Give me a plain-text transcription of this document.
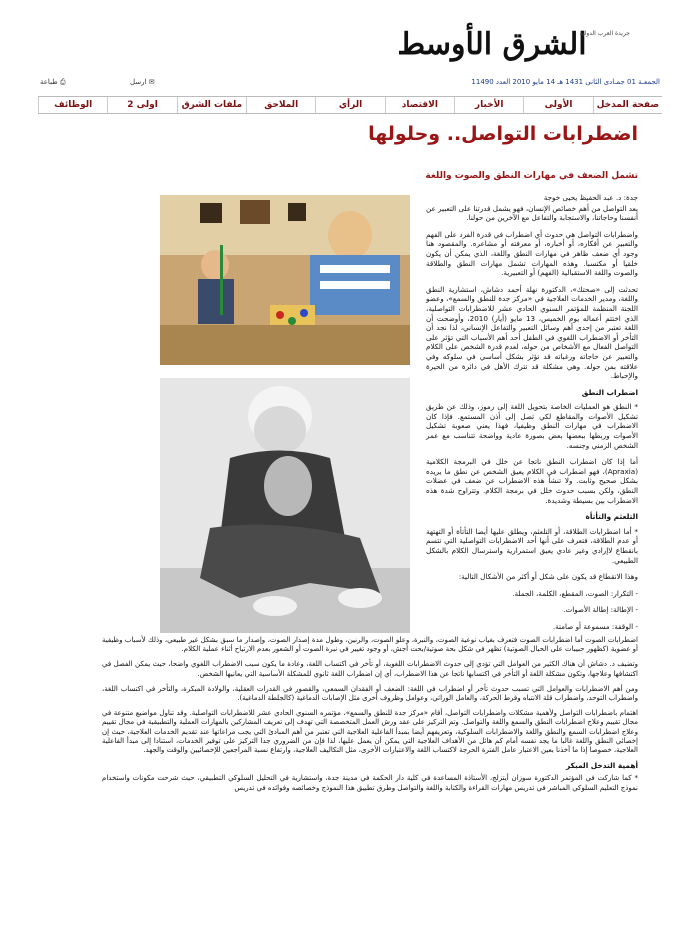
الشرق الأوسط
جريدة العرب الدولية
الجمعـة 01 جمـادى الثانى 1431 هـ 14 مايو 2010 العدد 11490
✉ ارسل
⎙ طباعة
صفحة المدخل
الأولى
الأخبار
الاقتصاد
الرأي
الملاحق
ملفات الشرق
اولى 2
الوظائف
اضطرابات التواصل.. وحلولها
تشمل الضعف في مهارات النطق والصوت واللغة

جدة: د. عبد الحفيظ يحيى خوجة

يعد التواصل من أهم خصائص الإنسان، فهو يشمل قدرتنا على التعبير عن أنفسنا وحاجاتنا، والاستجابة والتفاعل مع الآخرين من حولنا.

واضطرابات التواصل هي حدوث أي اضطراب في قدرة الفرد على الفهم والتعبير عن أفكاره، أو أخباره، أو معرفته أو مشاعره. والمقصود هنا وجود أي ضعف ظاهر في مهارات النطق واللغة، الذي يمكن أن يكون خلقيا أو مكتسبا. وهذه المهارات تشمل مهارات النطق والطلاقة والصوت واللغة الاستقبالية (الفهم) أو التعبيرية.

تحدثت إلى «صحتك»، الدكتورة نهلة أحمد دشاش، استشارية النطق واللغة، ومدير الخدمات العلاجية في «مركز جدة للنطق والسمع»، وعضو اللجنة المنظمة للمؤتمر السنوي الحادي عشر للاضطرابات التواصلية، الذي اختتم أعماله يوم الخميس، 13 مايو (أيار) 2010، وأوضحت أن اللغة تعتبر من إحدى أهم وسائل التعبير والتفاعل الإنساني، لذا نجد أن التأخر أو الاضطراب اللغوي في الطفل أحد أهم الأسباب التي تؤثر على التواصل الفعال مع الأشخاص من حوله، لعدم قدرة الشخص على الكلام والتعبير عن حاجاته ورغباته قد تؤثر بشكل أساسي في سلوكه وفي علاقته بمن حوله. وهي مشكلة قد تترك الأهل في دائرة من الحيرة والإحباط.

اضطراب النطق

* النطق هو العمليات الخاصة بتحويل اللغة إلى رموز، وذلك عن طريق تشكيل الأصوات والمقاطع لكي تصل إلى أذن المستمع. فإذا كان الاضطراب في مهارات النطق وظيفيا، فهذا يعني صعوبة تشكيل الأصوات وربطها ببعضها بعض بصورة عادية وواضحة تتناسب مع عمر الشخص الزمني وجنسه.

أما إذا كان اضطراب النطق ناتجا عن خلل في البرمجة الكلامية (Apraxia)، فهو اضطراب في الكلام يعيق الشخص عن نطق ما يريده بشكل صحيح وثابت. ولا تنشأ هذه الاضطراب عن ضعف في عضلات النطق، ولكن بسبب حدوث خلل في برمجة الكلام. وتتراوح شدة هذه الاضطراب بين بسيطة وشديدة.

التلعثم والتأتأة

* أما اضطرابات الطلاقة، أو التلعثم، ويطلق عليها أيضا التأتأة أو التهتهة أو عدم الطلاقة، فتعرف على أنها أحد الاضطرابات التواصلية التي تتسم بانقطاع لاإرادي وغير عادي يعيق استمرارية واسترسال الكلام بالشكل الطبيعي.

وهذا الانقطاع قد يكون على شكل أو أكثر من الأشكال التالية:

- التكرار: الصوت، المقطع، الكلمة، الجملة.

- الإطالة: إطالة الأصوات.

- الوقفة: مسموعة أو صامتة.

اضطرابات الصوت أما اضطرابات الصوت فتعرف بغياب نوعية الصوت، والنبرة، وعلو الصوت، والرنين، وطول مدة إصدار الصوت، وإصدار ما سبق بشكل غير طبيعي، وذلك لأسباب وظيفية أو عضوية (كظهور حبيبات على الحبال الصوتية) تظهر في شكل بحة صوتية/بحت أجش، أو وجود تغيير في نبرة الصوت أو الشعور بعدم الارتياح أثناء عملية الكلام.

وتضيف د. دشاش أن هناك الكثير من العوامل التي تؤدي إلى حدوث الاضطرابات اللغوية، أو تأخر في اكتساب اللغة، وعادة ما يكون سبب الاضطراب اللغوي واضحا، حيث يمكن الفصل في اكتشافها وعلاجها، وتكون مشكلة اللغة أو التأخر في اكتسابها ناتجا عن هذا الاضطراب، أي إن اضطراب اللغة ثانوي للمشكلة الأساسية التي يعانيها الشخص.

ومن أهم الاضطرابات والعوامل التي تسبب حدوث تأخر أو اضطراب في اللغة: الضعف أو الفقدان السمعي، والقصور في القدرات العقلية، والولادة المبكرة، والتأخر في اكتساب اللغة، واضطراب التوحد، واضطراب قلة الانتباه وفرط الحركة، والعامل الوراثي، وعوامل وظروف أخرى مثل الإصابات الدماغية (كالجلطة الدماغية).

اهتمام باضطرابات التواصل ولأهمية مشكلات واضطرابات التواصل، أقام «مركز جدة للنطق والسمع»، مؤتمره السنوي الحادي عشر للاضطرابات التواصلية. وقد تناول مواضيع متنوعة في مجال تقييم وعلاج اضطرابات النطق والسمع واللغة والتواصل. وتم التركيز على عقد ورش العمل المتخصصة التي تهدف إلى تعريف المشاركين بالمهارات العملية والتطبيقية في مجال تقييم وعلاج اضطرابات السمع والنطق واللغة والاضطرابات السلوكية، وتعريفهم أيضا بمبدأ الفاعلية العلاجية التي تعتبر من أهم المبادئ التي يجب مراعاتها عند تقديم الخدمات العلاجية، حيث إن إخصائي النطق واللغة غالبا ما يجد نفسه أمام كم هائل من الأهداف العلاجية التي يمكن أن يعمل عليها، لذا فإن من الضروري جدا التركيز على توفير الخدمات، استنادا إلى مبدأ الفاعلية العلاجية، خصوصا إذا ما أخذنا بعين الاعتبار عامل الفترة الحرجة لاكتساب اللغة والاعتبارات الأخرى، مثل التكاليف العلاجية، وارتفاع نسبة المراجعين للإخصائيين والوقت والجهد.

أهمية التدخل المبكر

* كما شاركت في المؤتمر الدكتورة سوزان أيتزلج، الأستاذة المساعدة في كلية دار الحكمة في مدينة جدة، واستشارية في التحليل السلوكي التطبيقي، حيث شرحت مكونات واستخدام نموذج التعليم السلوكي المباشر في تدريس مهارات القراءة والكتابة واللغة والتواصل وطرق تطبيق هذا النموذج وخصائصه وفوائده في تدريس
